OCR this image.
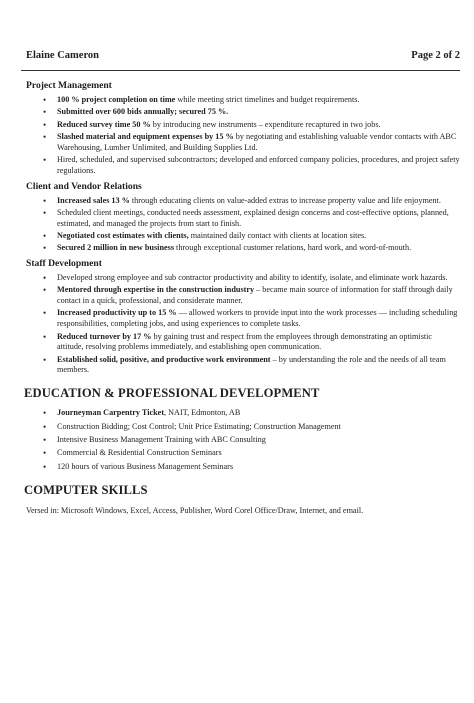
Elaine Cameron	Page 2 of 2
Project Management
• 100 % project completion on time while meeting strict timelines and budget requirements.
• Submitted over 600 bids annually; secured 75 %.
• Reduced survey time 50 % by introducing new instruments – expenditure recaptured in two jobs.
• Slashed material and equipment expenses by 15 % by negotiating and establishing valuable vendor contacts with ABC Warehousing, Lumber Unlimited, and Building Supplies Ltd.
• Hired, scheduled, and supervised subcontractors; developed and enforced company policies, procedures, and project safety regulations.
Client and Vendor Relations
• Increased sales 13 % through educating clients on value-added extras to increase property value and life enjoyment.
• Scheduled client meetings, conducted needs assessment, explained design concerns and cost-effective options, planned, estimated, and managed the projects from start to finish.
• Negotiated cost estimates with clients, maintained daily contact with clients at location sites.
• Secured 2 million in new business through exceptional customer relations, hard work, and word-of-mouth.
Staff Development
• Developed strong employee and sub contractor productivity and ability to identify, isolate, and eliminate work hazards.
• Mentored through expertise in the construction industry – became main source of information for staff through daily contact in a quick, professional, and considerate manner.
• Increased productivity up to 15 % — allowed workers to provide input into the work processes — including scheduling responsibilities, completing jobs, and using experiences to complete tasks.
• Reduced turnover by 17 % by gaining trust and respect from the employees through demonstrating an optimistic attitude, resolving problems immediately, and establishing open communication.
• Established solid, positive, and productive work environment – by understanding the role and the needs of all team members.
EDUCATION & PROFESSIONAL DEVELOPMENT
• Journeyman Carpentry Ticket, NAIT, Edmonton, AB
• Construction Bidding; Cost Control; Unit Price Estimating; Construction Management
• Intensive Business Management Training with ABC Consulting
• Commercial & Residential Construction Seminars
• 120 hours of various Business Management Seminars
COMPUTER SKILLS
Versed in: Microsoft Windows, Excel, Access, Publisher, Word Corel Office/Draw, Internet, and email.
